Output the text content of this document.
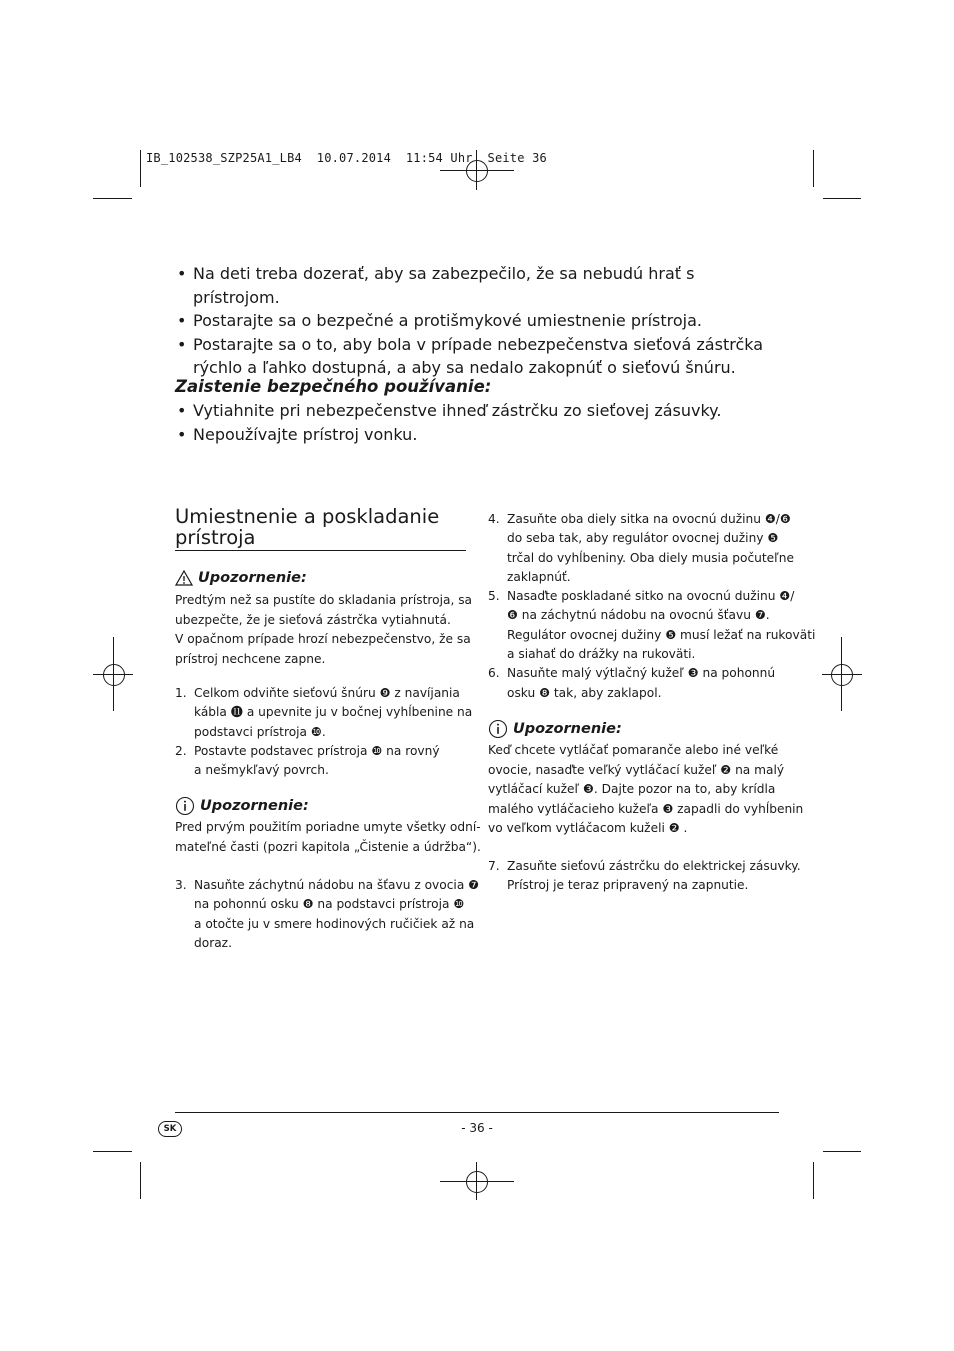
IB_102538_SZP25A1_LB4  10.07.2014  11:54 Uhr  Seite 36
• Na deti treba dozerať, aby sa zabezpečilo, že sa nebudú hrať s prístrojom.
• Postarajte sa o bezpečné a protišmykové umiestnenie prístroja.
• Postarajte sa o to, aby bola v prípade nebezpečenstva sieťová zástrčka rýchlo a ľahko dostupná, a aby sa nedalo zakopnúť o sieťovú šnúru.
Zaistenie bezpečného používanie:
• Vytiahnite pri nebezpečenstve ihneď zástrčku zo sieťovej zásuvky.
• Nepoužívajte prístroj vonku.
Umiestnenie a poskladanie prístroja
Upozornenie:
Predtým než sa pustíte do skladania prístroja, sa
ubezpečte, že je sieťová zástrčka vytiahnutá.
V opačnom prípade hrozí nebezpečenstvo, že sa
prístroj nechcene zapne.
1. Celkom odviňte sieťovú šnúru ❾ z navíjania
kábla ⓫ a upevnite ju v bočnej vyhĺbenine na
podstavci prístroja ❿.
2. Postavte podstavec prístroja ❿ na rovný
a nešmykľavý povrch.
Upozornenie:
Pred prvým použitím poriadne umyte všetky odní-
mateľné časti (pozri kapitola „Čistenie a údržba“).
3. Nasuňte záchytnú nádobu na šťavu z ovocia ❼
na pohonnú osku ❽ na podstavci prístroja ❿
a otočte ju v smere hodinových ručičiek až na
doraz.
4. Zasuňte oba diely sitka na ovocnú dužinu ❹/❻
do seba tak, aby regulátor ovocnej dužiny ❺
trčal do vyhĺbeniny. Oba diely musia počuteľne
zaklapnúť.
5. Nasaďte poskladané sitko na ovocnú dužinu ❹/
❻ na záchytnú nádobu na ovocnú šťavu ❼.
Regulátor ovocnej dužiny ❺ musí ležať na rukoväti
a siahať do drážky na rukoväti.
6. Nasuňte malý výtlačný kužeľ ❸ na pohonnú
osku ❽ tak, aby zaklapol.
Upozornenie:
Keď chcete vytláčať pomaranče alebo iné veľké
ovocie, nasaďte veľký vytláčací kužeľ ❷ na malý
vytláčací kužeľ ❸. Dajte pozor na to, aby krídla
malého vytláčacieho kužeľa ❸ zapadli do vyhĺbenin
vo veľkom vytláčacom kuželi ❷ .
7. Zasuňte sieťovú zástrčku do elektrickej zásuvky.
Prístroj je teraz pripravený na zapnutie.
SK	- 36 -
